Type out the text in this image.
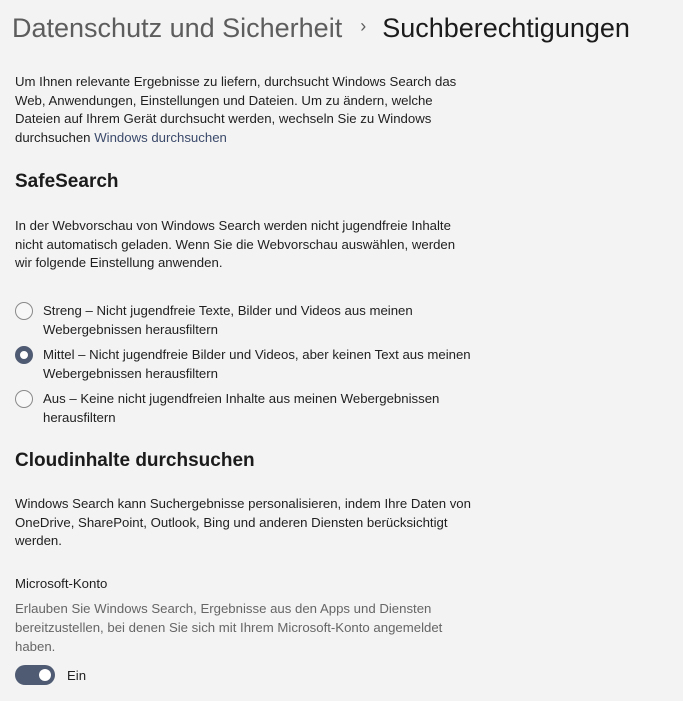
Datenschutz und Sicherheit › Suchberechtigungen
Um Ihnen relevante Ergebnisse zu liefern, durchsucht Windows Search das Web, Anwendungen, Einstellungen und Dateien. Um zu ändern, welche Dateien auf Ihrem Gerät durchsucht werden, wechseln Sie zu Windows durchsuchen Windows durchsuchen
SafeSearch
In der Webvorschau von Windows Search werden nicht jugendfreie Inhalte nicht automatisch geladen. Wenn Sie die Webvorschau auswählen, werden wir folgende Einstellung anwenden.
Streng – Nicht jugendfreie Texte, Bilder und Videos aus meinen Webergebnissen herausfiltern
Mittel – Nicht jugendfreie Bilder und Videos, aber keinen Text aus meinen Webergebnissen herausfiltern
Aus – Keine nicht jugendfreien Inhalte aus meinen Webergebnissen herausfiltern
Cloudinhalte durchsuchen
Windows Search kann Suchergebnisse personalisieren, indem Ihre Daten von OneDrive, SharePoint, Outlook, Bing und anderen Diensten berücksichtigt werden.
Microsoft-Konto
Erlauben Sie Windows Search, Ergebnisse aus den Apps und Diensten bereitzustellen, bei denen Sie sich mit Ihrem Microsoft-Konto angemeldet haben.
Ein
